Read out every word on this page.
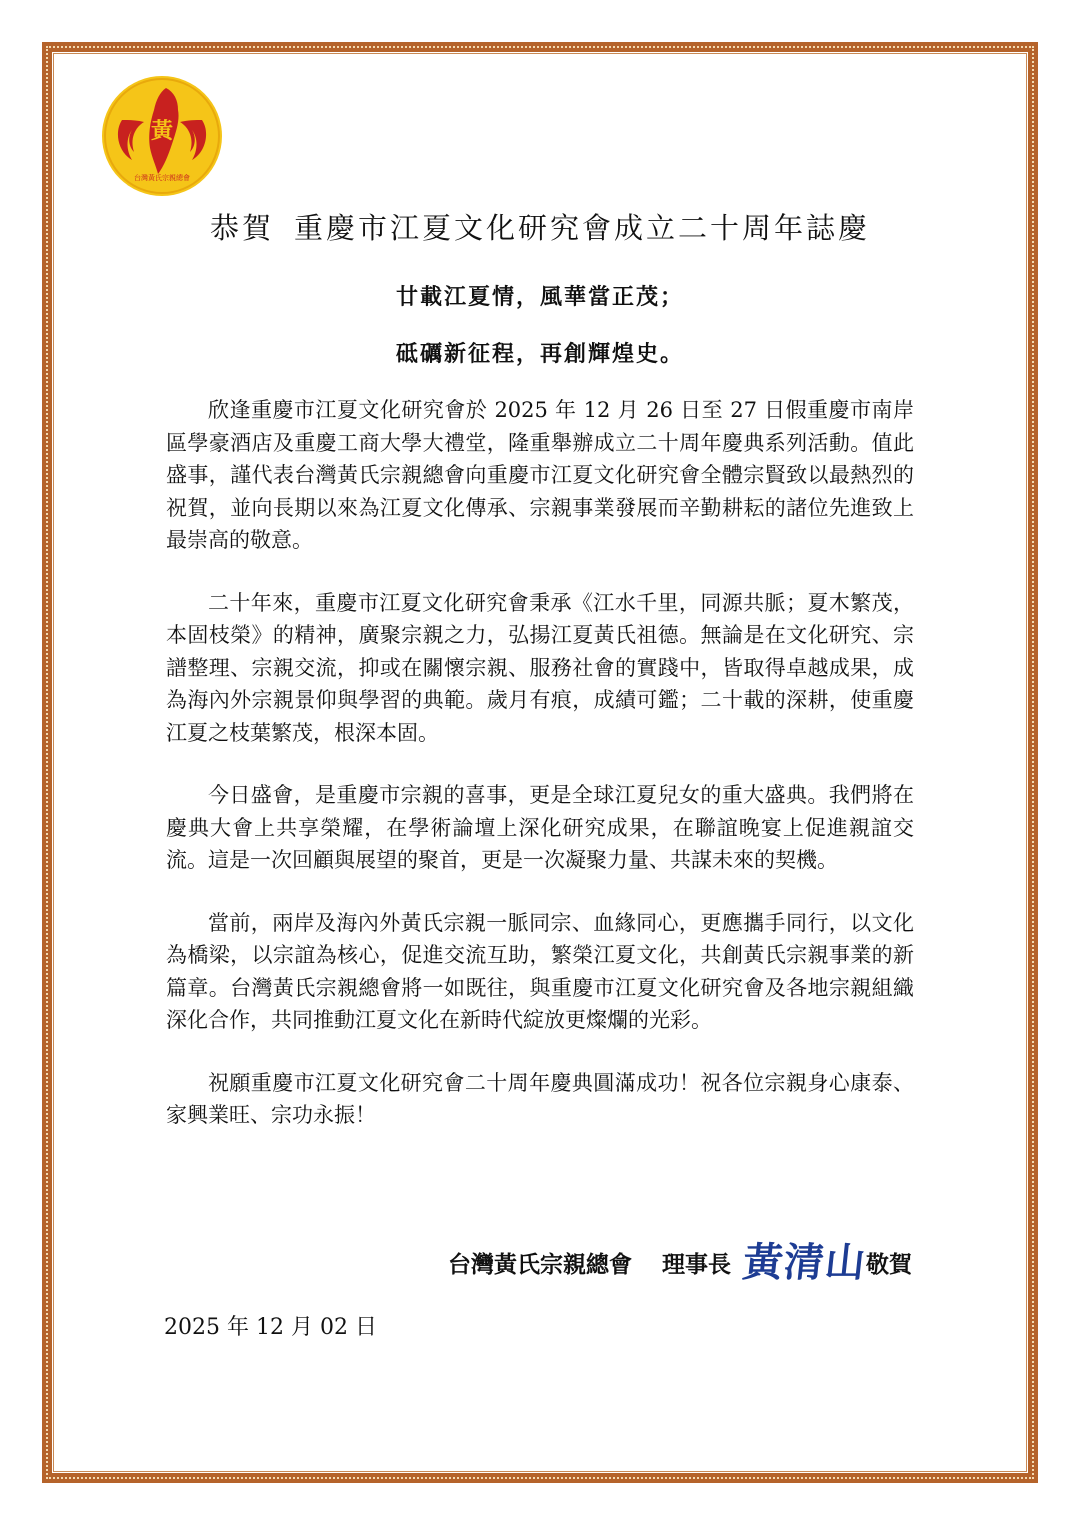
黃
台灣黃氏宗親總會
恭賀 重慶市江夏文化研究會成立二十周年誌慶
廿載江夏情，風華當正茂；
砥礪新征程，再創輝煌史。

欣逢重慶市江夏文化研究會於 2025 年 12 月 26 日至 27 日假重慶市南岸區學豪酒店及重慶工商大學大禮堂，隆重舉辦成立二十周年慶典系列活動。值此盛事，謹代表台灣黃氏宗親總會向重慶市江夏文化研究會全體宗賢致以最熱烈的祝賀，並向長期以來為江夏文化傳承、宗親事業發展而辛勤耕耘的諸位先進致上最崇高的敬意。

二十年來，重慶市江夏文化研究會秉承《江水千里，同源共脈；夏木繁茂，本固枝榮》的精神，廣聚宗親之力，弘揚江夏黃氏祖德。無論是在文化研究、宗譜整理、宗親交流，抑或在關懷宗親、服務社會的實踐中，皆取得卓越成果，成為海內外宗親景仰與學習的典範。歲月有痕，成績可鑑；二十載的深耕，使重慶江夏之枝葉繁茂，根深本固。

今日盛會，是重慶市宗親的喜事，更是全球江夏兒女的重大盛典。我們將在慶典大會上共享榮耀，在學術論壇上深化研究成果，在聯誼晚宴上促進親誼交流。這是一次回顧與展望的聚首，更是一次凝聚力量、共謀未來的契機。

當前，兩岸及海內外黃氏宗親一脈同宗、血緣同心，更應攜手同行，以文化為橋梁，以宗誼為核心，促進交流互助，繁榮江夏文化，共創黃氏宗親事業的新篇章。台灣黃氏宗親總會將一如既往，與重慶市江夏文化研究會及各地宗親組織深化合作，共同推動江夏文化在新時代綻放更燦爛的光彩。

祝願重慶市江夏文化研究會二十周年慶典圓滿成功！祝各位宗親身心康泰、家興業旺、宗功永振！

台灣黃氏宗親總會 理事長 黃清山敬賀
2025 年 12 月 02 日
